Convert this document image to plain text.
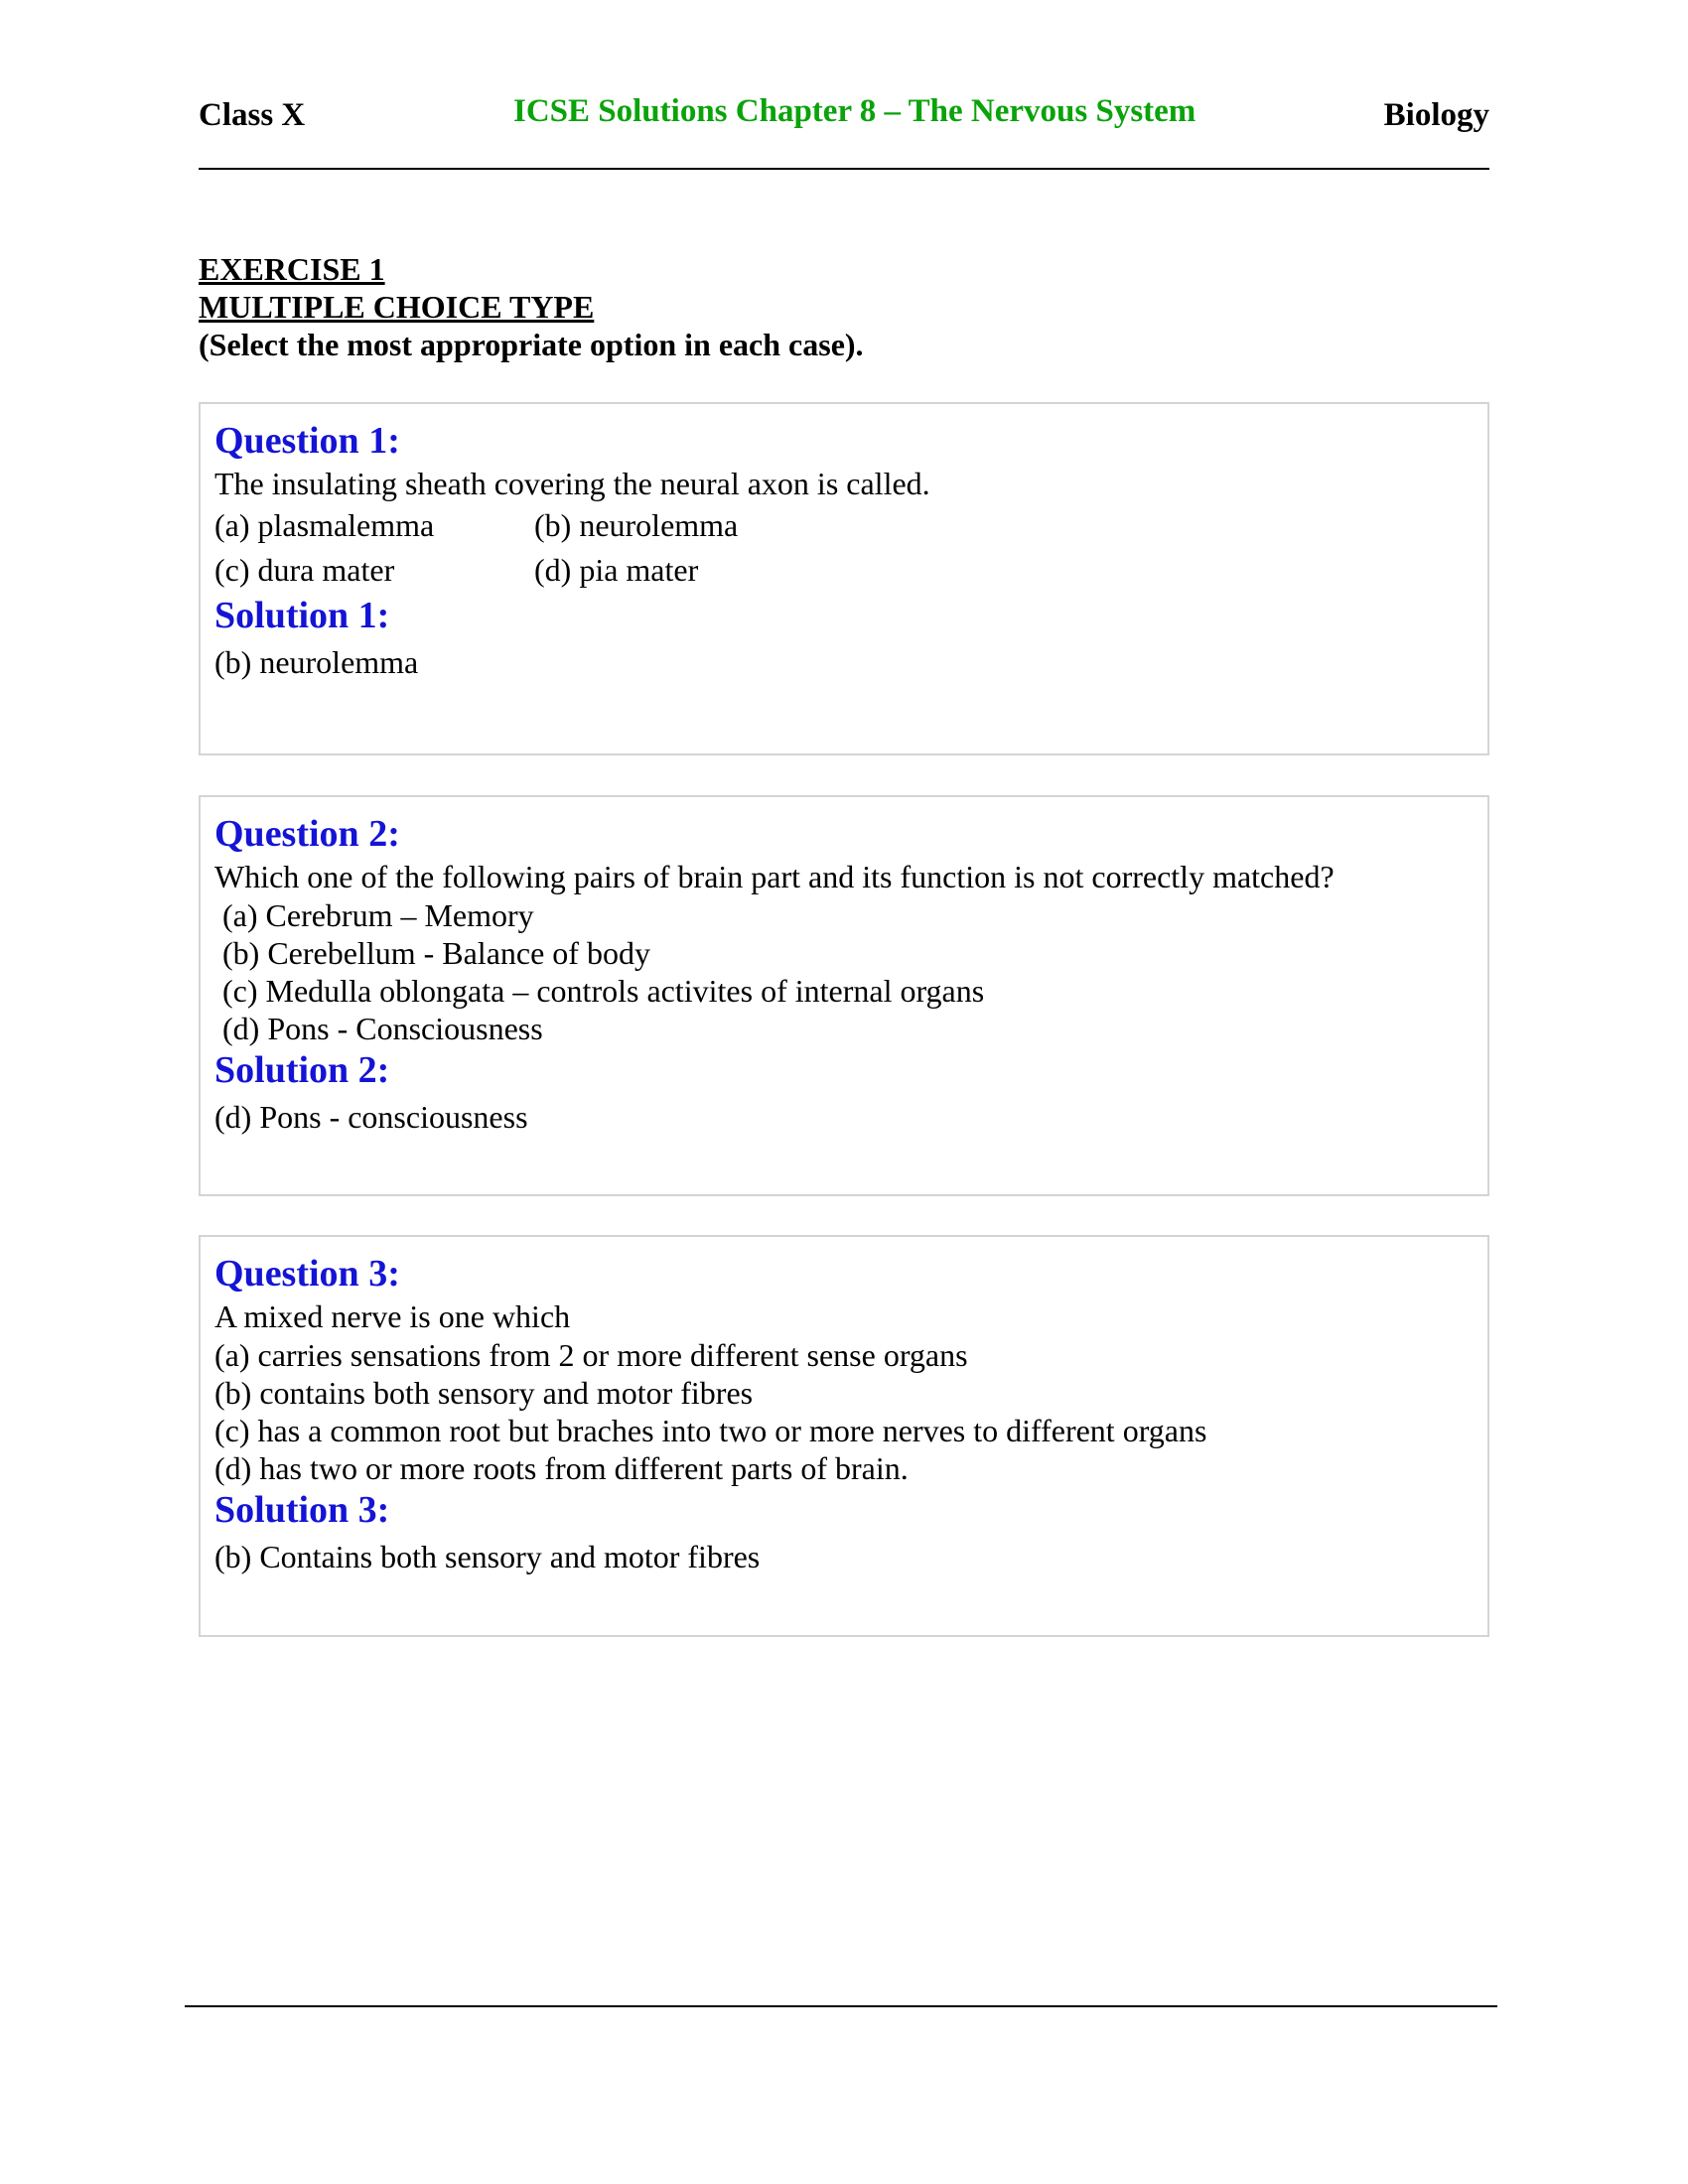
Class X	ICSE Solutions Chapter 8 – The Nervous System	Biology
EXERCISE 1
MULTIPLE CHOICE TYPE
(Select the most appropriate option in each case).
Question 1:
The insulating sheath covering the neural axon is called.
(a) plasmalemma	(b) neurolemma
(c) dura mater	(d) pia mater
Solution 1:
(b) neurolemma
Question 2:
Which one of the following pairs of brain part and its function is not correctly matched?
(a) Cerebrum – Memory
(b) Cerebellum - Balance of body
(c) Medulla oblongata – controls activites of internal organs
(d) Pons - Consciousness
Solution 2:
(d) Pons - consciousness
Question 3:
A mixed nerve is one which
(a) carries sensations from 2 or more different sense organs
(b) contains both sensory and motor fibres
(c) has a common root but braches into two or more nerves to different organs
(d) has two or more roots from different parts of brain.
Solution 3:
(b) Contains both sensory and motor fibres
